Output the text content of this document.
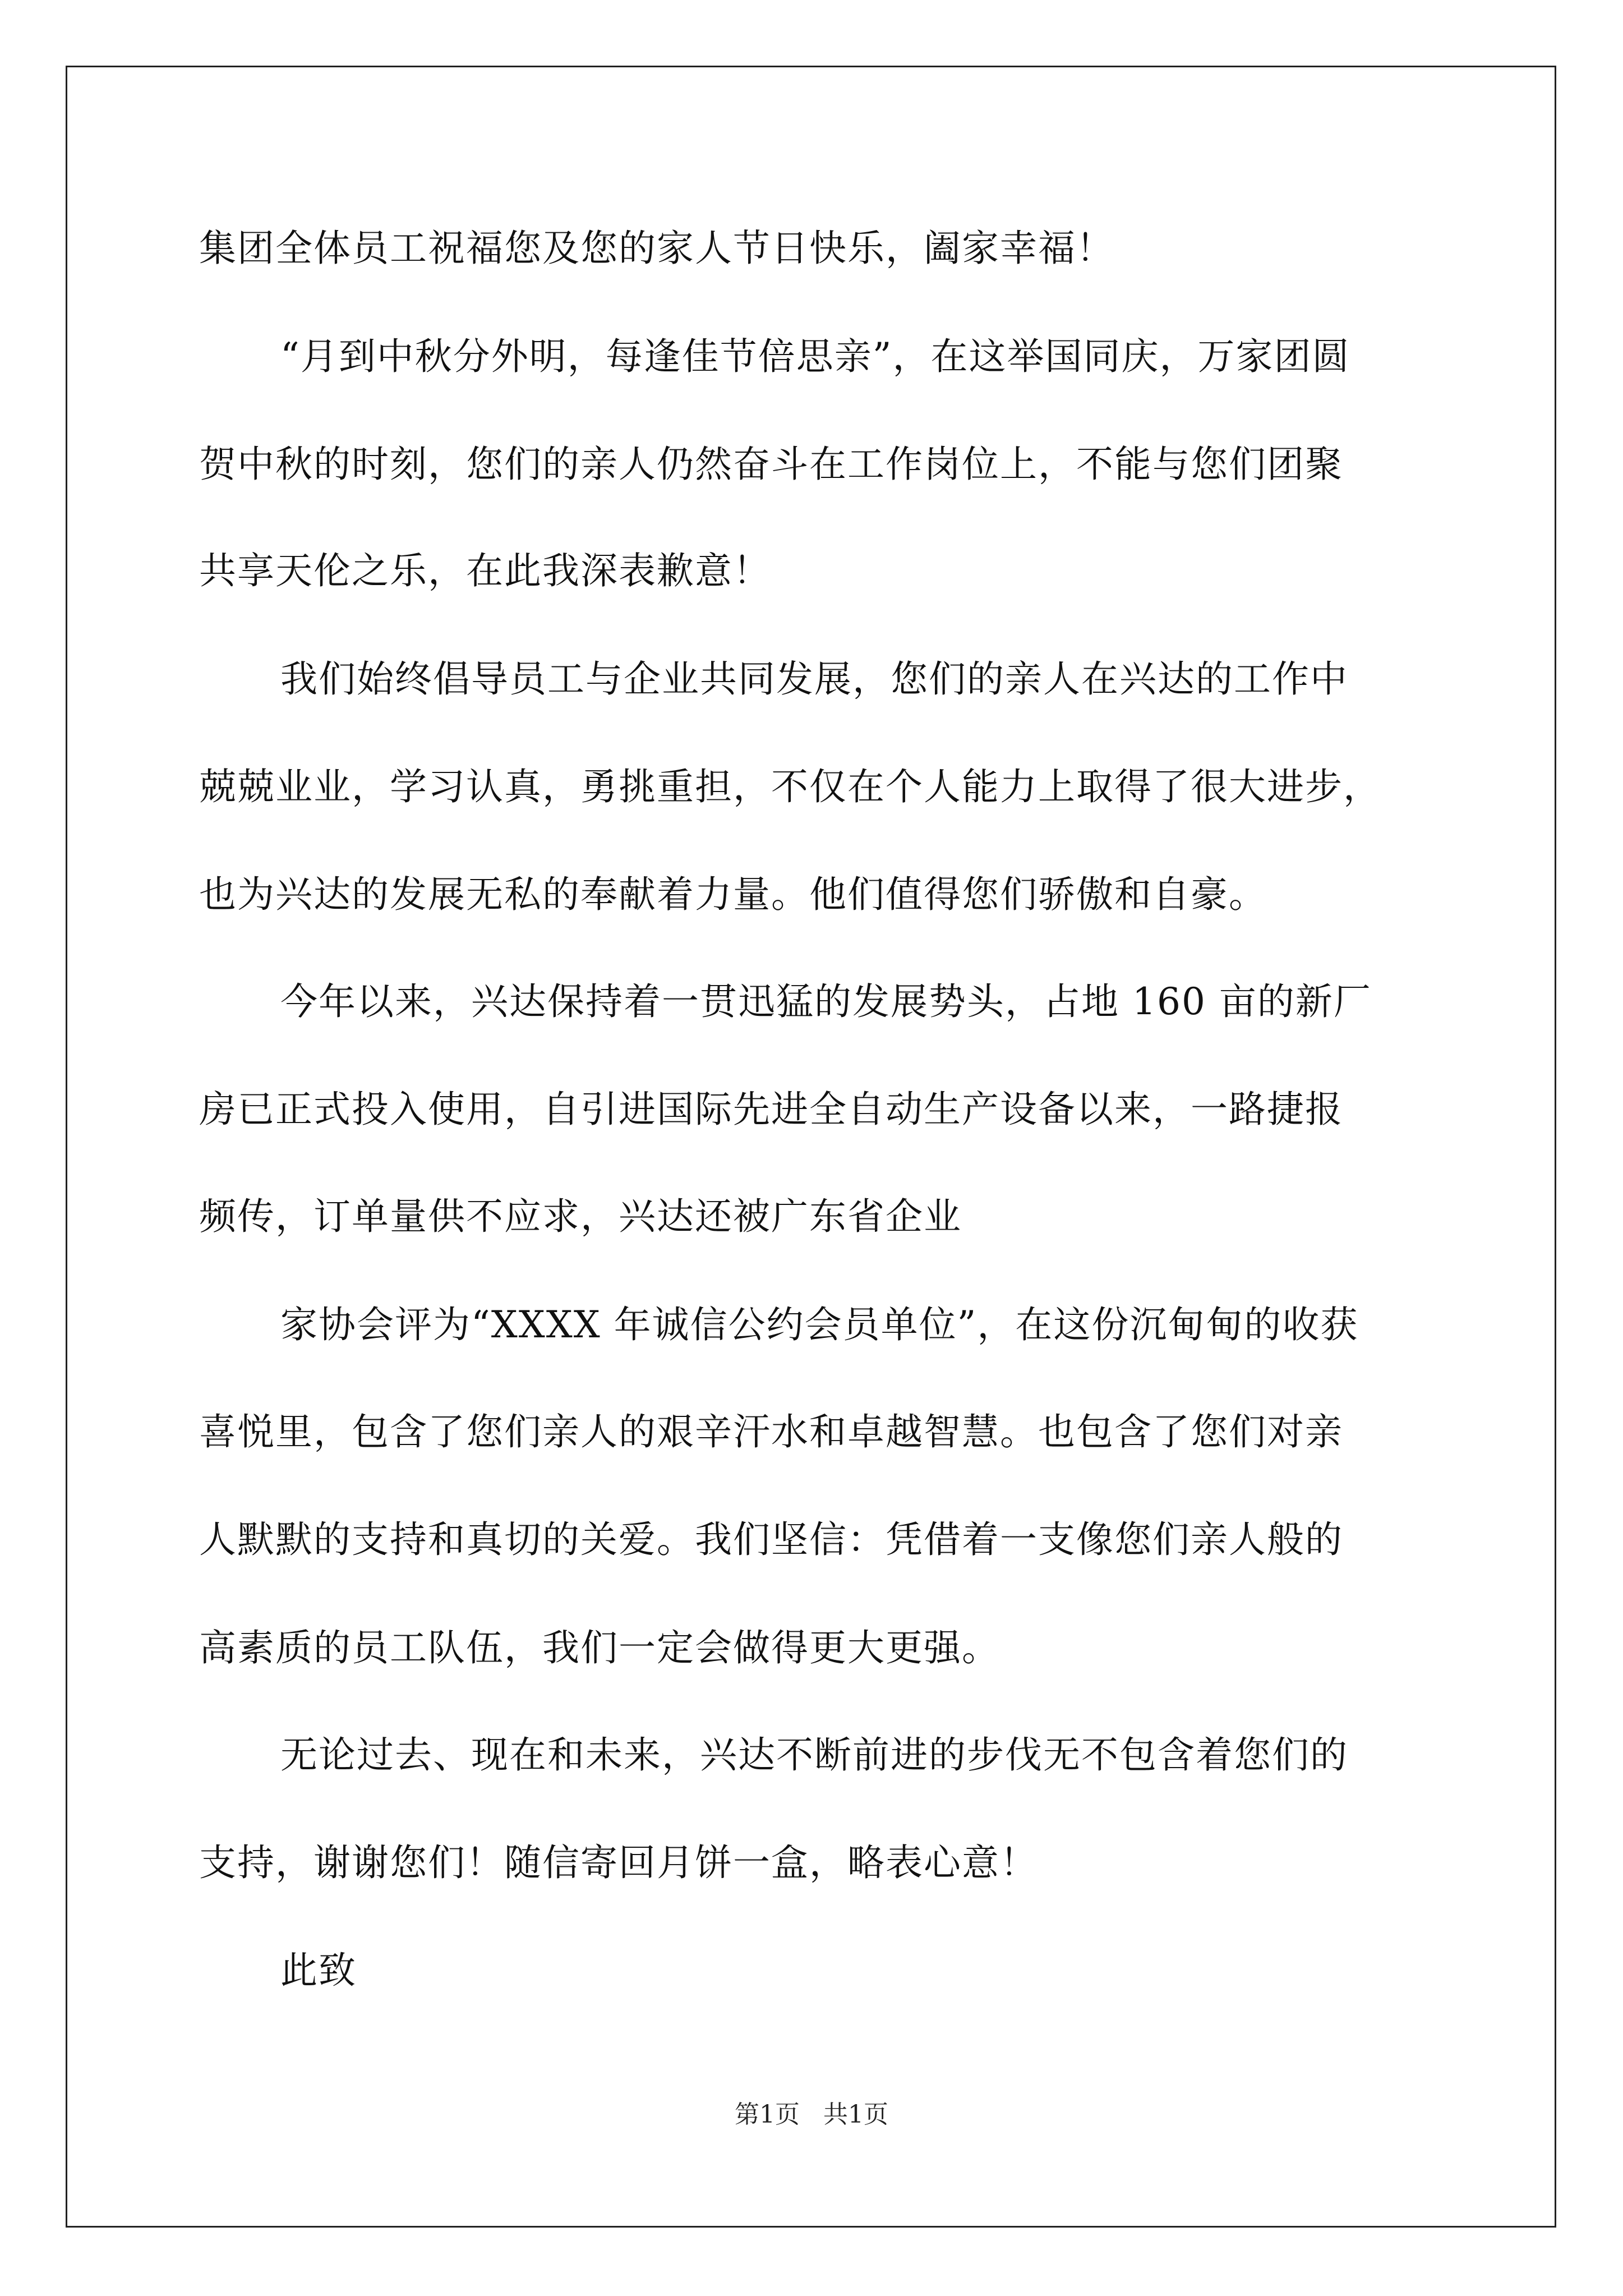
集团全体员工祝福您及您的家人节日快乐，阖家幸福！
“月到中秋分外明，每逢佳节倍思亲”，在这举国同庆，万家团圆
贺中秋的时刻，您们的亲人仍然奋斗在工作岗位上，不能与您们团聚
共享天伦之乐，在此我深表歉意！
我们始终倡导员工与企业共同发展，您们的亲人在兴达的工作中
兢兢业业，学习认真，勇挑重担，不仅在个人能力上取得了很大进步，
也为兴达的发展无私的奉献着力量。他们值得您们骄傲和自豪。
今年以来，兴达保持着一贯迅猛的发展势头，占地 160 亩的新厂
房已正式投入使用，自引进国际先进全自动生产设备以来，一路捷报
频传，订单量供不应求，兴达还被广东省企业
家协会评为“XXXX 年诚信公约会员单位”，在这份沉甸甸的收获
喜悦里，包含了您们亲人的艰辛汗水和卓越智慧。也包含了您们对亲
人默默的支持和真切的关爱。我们坚信：凭借着一支像您们亲人般的
高素质的员工队伍，我们一定会做得更大更强。
无论过去、现在和未来，兴达不断前进的步伐无不包含着您们的
支持，谢谢您们！随信寄回月饼一盒，略表心意！
此致
第1页   共1页
